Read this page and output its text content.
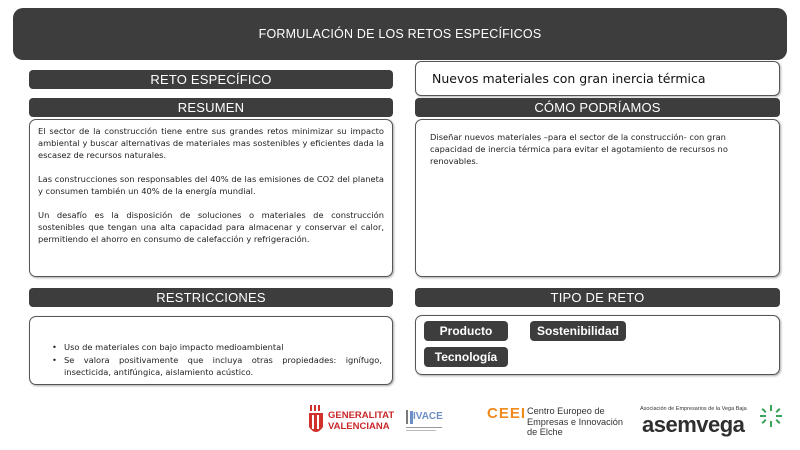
FORMULACIÓN DE LOS RETOS ESPECÍFICOS
RETO ESPECÍFICO	Nuevos materiales con gran inercia térmica
RESUMEN

El sector de la construcción tiene entre sus grandes retos minimizar su impacto ambiental y buscar alternativas de materiales mas sostenibles y eficientes dada la escasez de recursos naturales.

Las construcciones son responsables del 40% de las emisiones de CO2 del planeta y consumen también un 40% de la energía mundial.

Un desafío es la disposición de soluciones o materiales de construcción sostenibles que tengan una alta capacidad para almacenar y conservar el calor, permitiendo el ahorro en consumo de calefacción y refrigeración.

CÓMO PODRÍAMOS
Diseñar nuevos materiales –para el sector de la construcción- con gran capacidad de inercia térmica para evitar el agotamiento de recursos no renovables.
RESTRICCIONES
• Uso de materiales con bajo impacto medioambiental
• Se valora positivamente que incluya otras propiedades: ignífugo, insecticida, antifúngica, aislamiento acústico.
TIPO DE RETO
Producto	Sostenibilidad
Tecnología
GENERALITAT
VALENCIANA
IVACE	CEEI Centro Europeo de
Empresas e Innovación
de Elche
Asociación de Empresarios de la Vega Baja
asemvega
